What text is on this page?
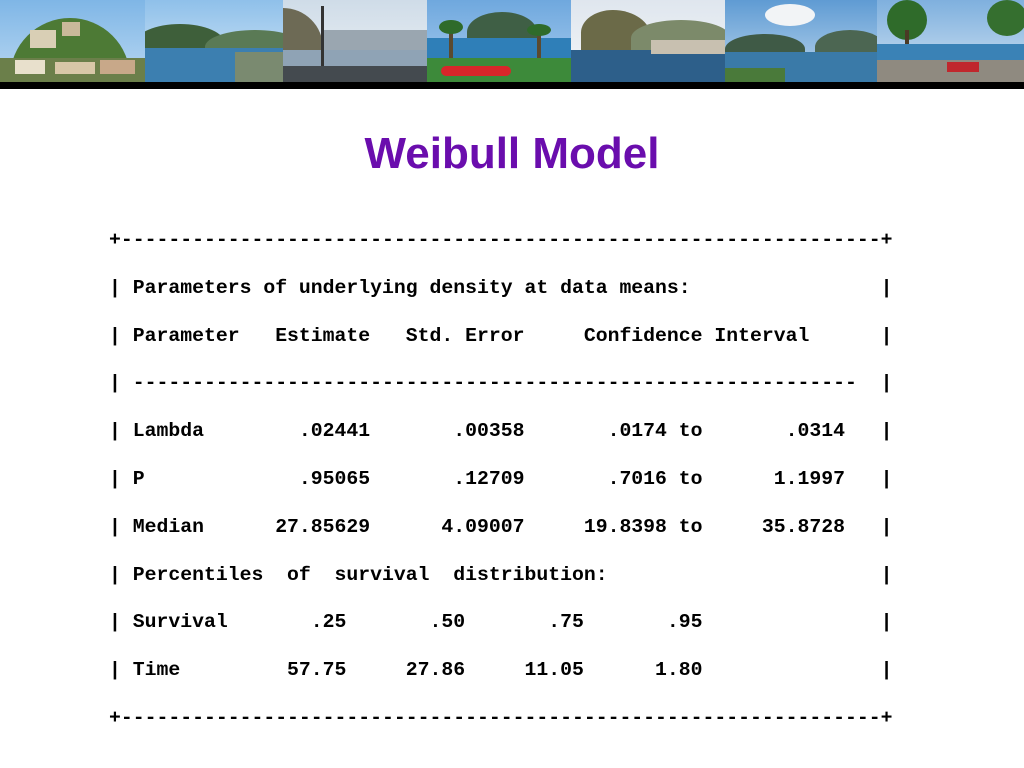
Weibull Model
+----------------------------------------------------------------+

| Parameters of underlying density at data means:                |

| Parameter   Estimate   Std. Error     Confidence Interval      |

| -------------------------------------------------------------  |

| Lambda        .02441       .00358       .0174 to       .0314   |

| P             .95065       .12709       .7016 to      1.1997   |

| Median      27.85629      4.09007     19.8398 to     35.8728   |

| Percentiles  of  survival  distribution:                       |

| Survival       .25       .50       .75       .95               |

| Time         57.75     27.86     11.05      1.80               |

+----------------------------------------------------------------+
